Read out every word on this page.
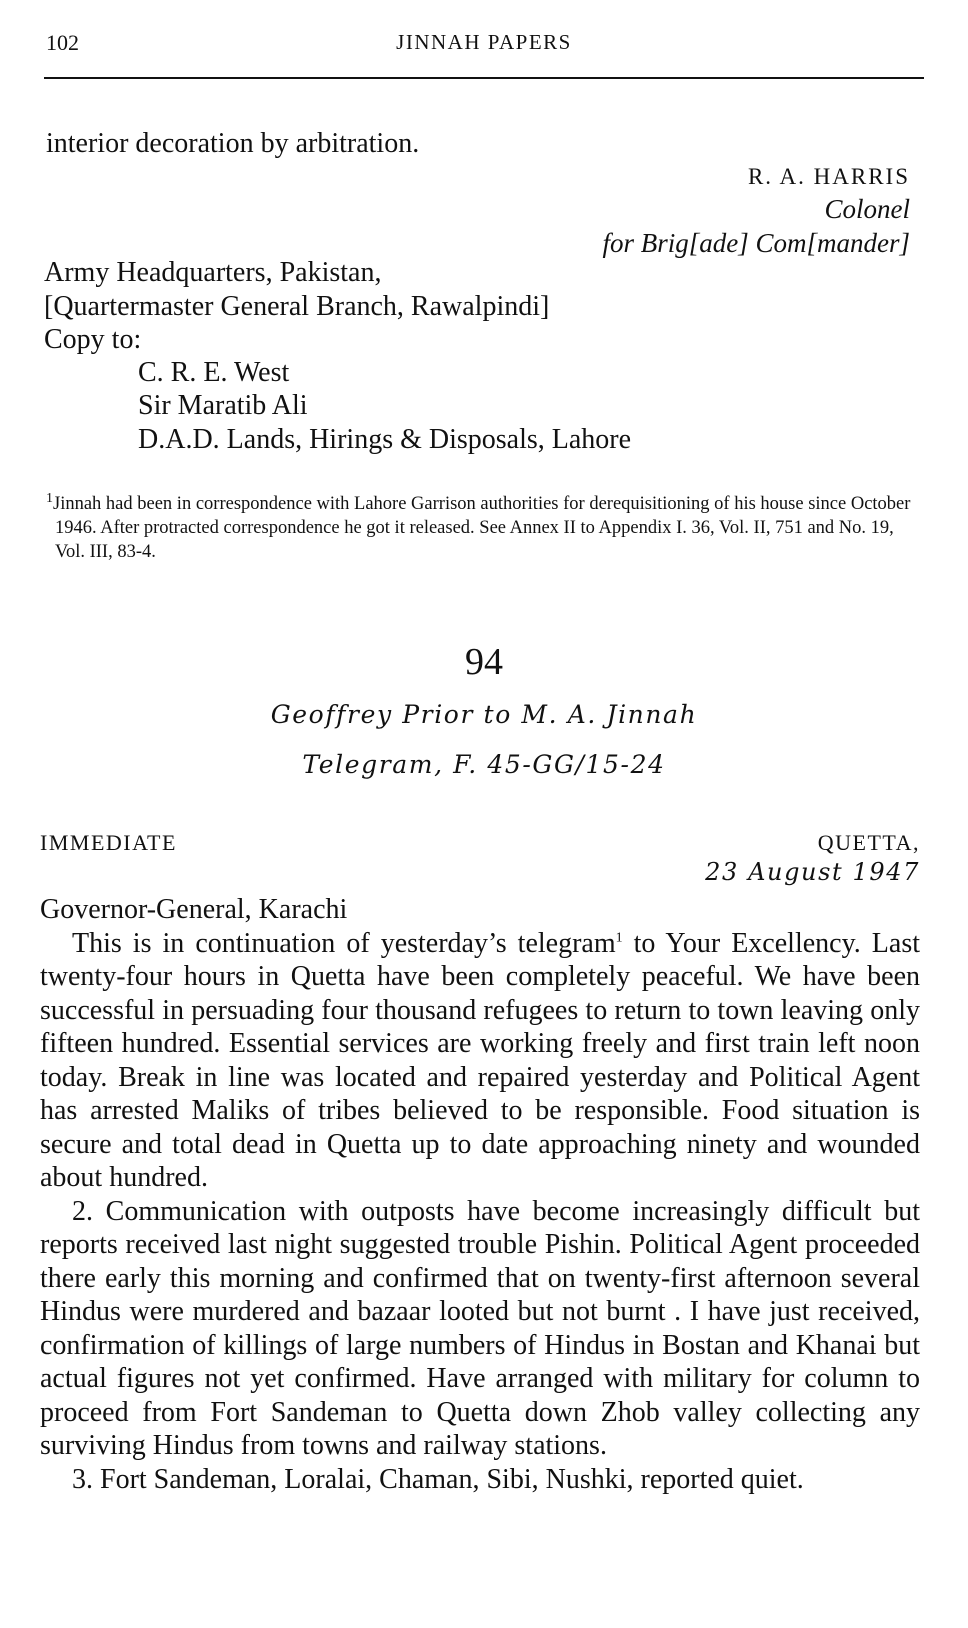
102	JINNAH PAPERS
interior decoration by arbitration.
R. A. HARRIS
Colonel
for Brig[ade] Com[mander]
Army Headquarters, Pakistan,
[Quartermaster General Branch, Rawalpindi]
Copy to:
C. R. E. West
Sir Maratib Ali
D.A.D. Lands, Hirings & Disposals, Lahore

$^1$Jinnah had been in correspondence with Lahore Garrison authorities for derequisitioning of his house since October 1946. After protracted correspondence he got it released. See Annex II to Appendix I. 36, Vol. II, 751 and No. 19, Vol. III, 83-4.

94
Geoffrey Prior to M. A. Jinnah
Telegram, F. 45-GG/15-24
IMMEDIATE	QUETTA,
23 August 1947

Governor-General, Karachi

This is in continuation of yesterday’s telegram$^1$ to Your Excellency. Last twenty-four hours in Quetta have been completely peaceful. We have been successful in persuading four thousand refugees to return to town leaving only fifteen hundred. Essential services are working freely and first train left noon today. Break in line was located and repaired yesterday and Political Agent has arrested Maliks of tribes believed to be responsible. Food situation is secure and total dead in Quetta up to date approaching ninety and wounded about hundred.

2. Communication with outposts have become increasingly difficult but reports received last night suggested trouble Pishin. Political Agent proceeded there early this morning and confirmed that on twenty-first afternoon several Hindus were murdered and bazaar looted but not burnt . I have just received, confirmation of killings of large numbers of Hindus in Bostan and Khanai but actual figures not yet confirmed. Have arranged with military for column to proceed from Fort Sandeman to Quetta down Zhob valley collecting any surviving Hindus from towns and railway stations.

3. Fort Sandeman, Loralai, Chaman, Sibi, Nushki, reported quiet.
